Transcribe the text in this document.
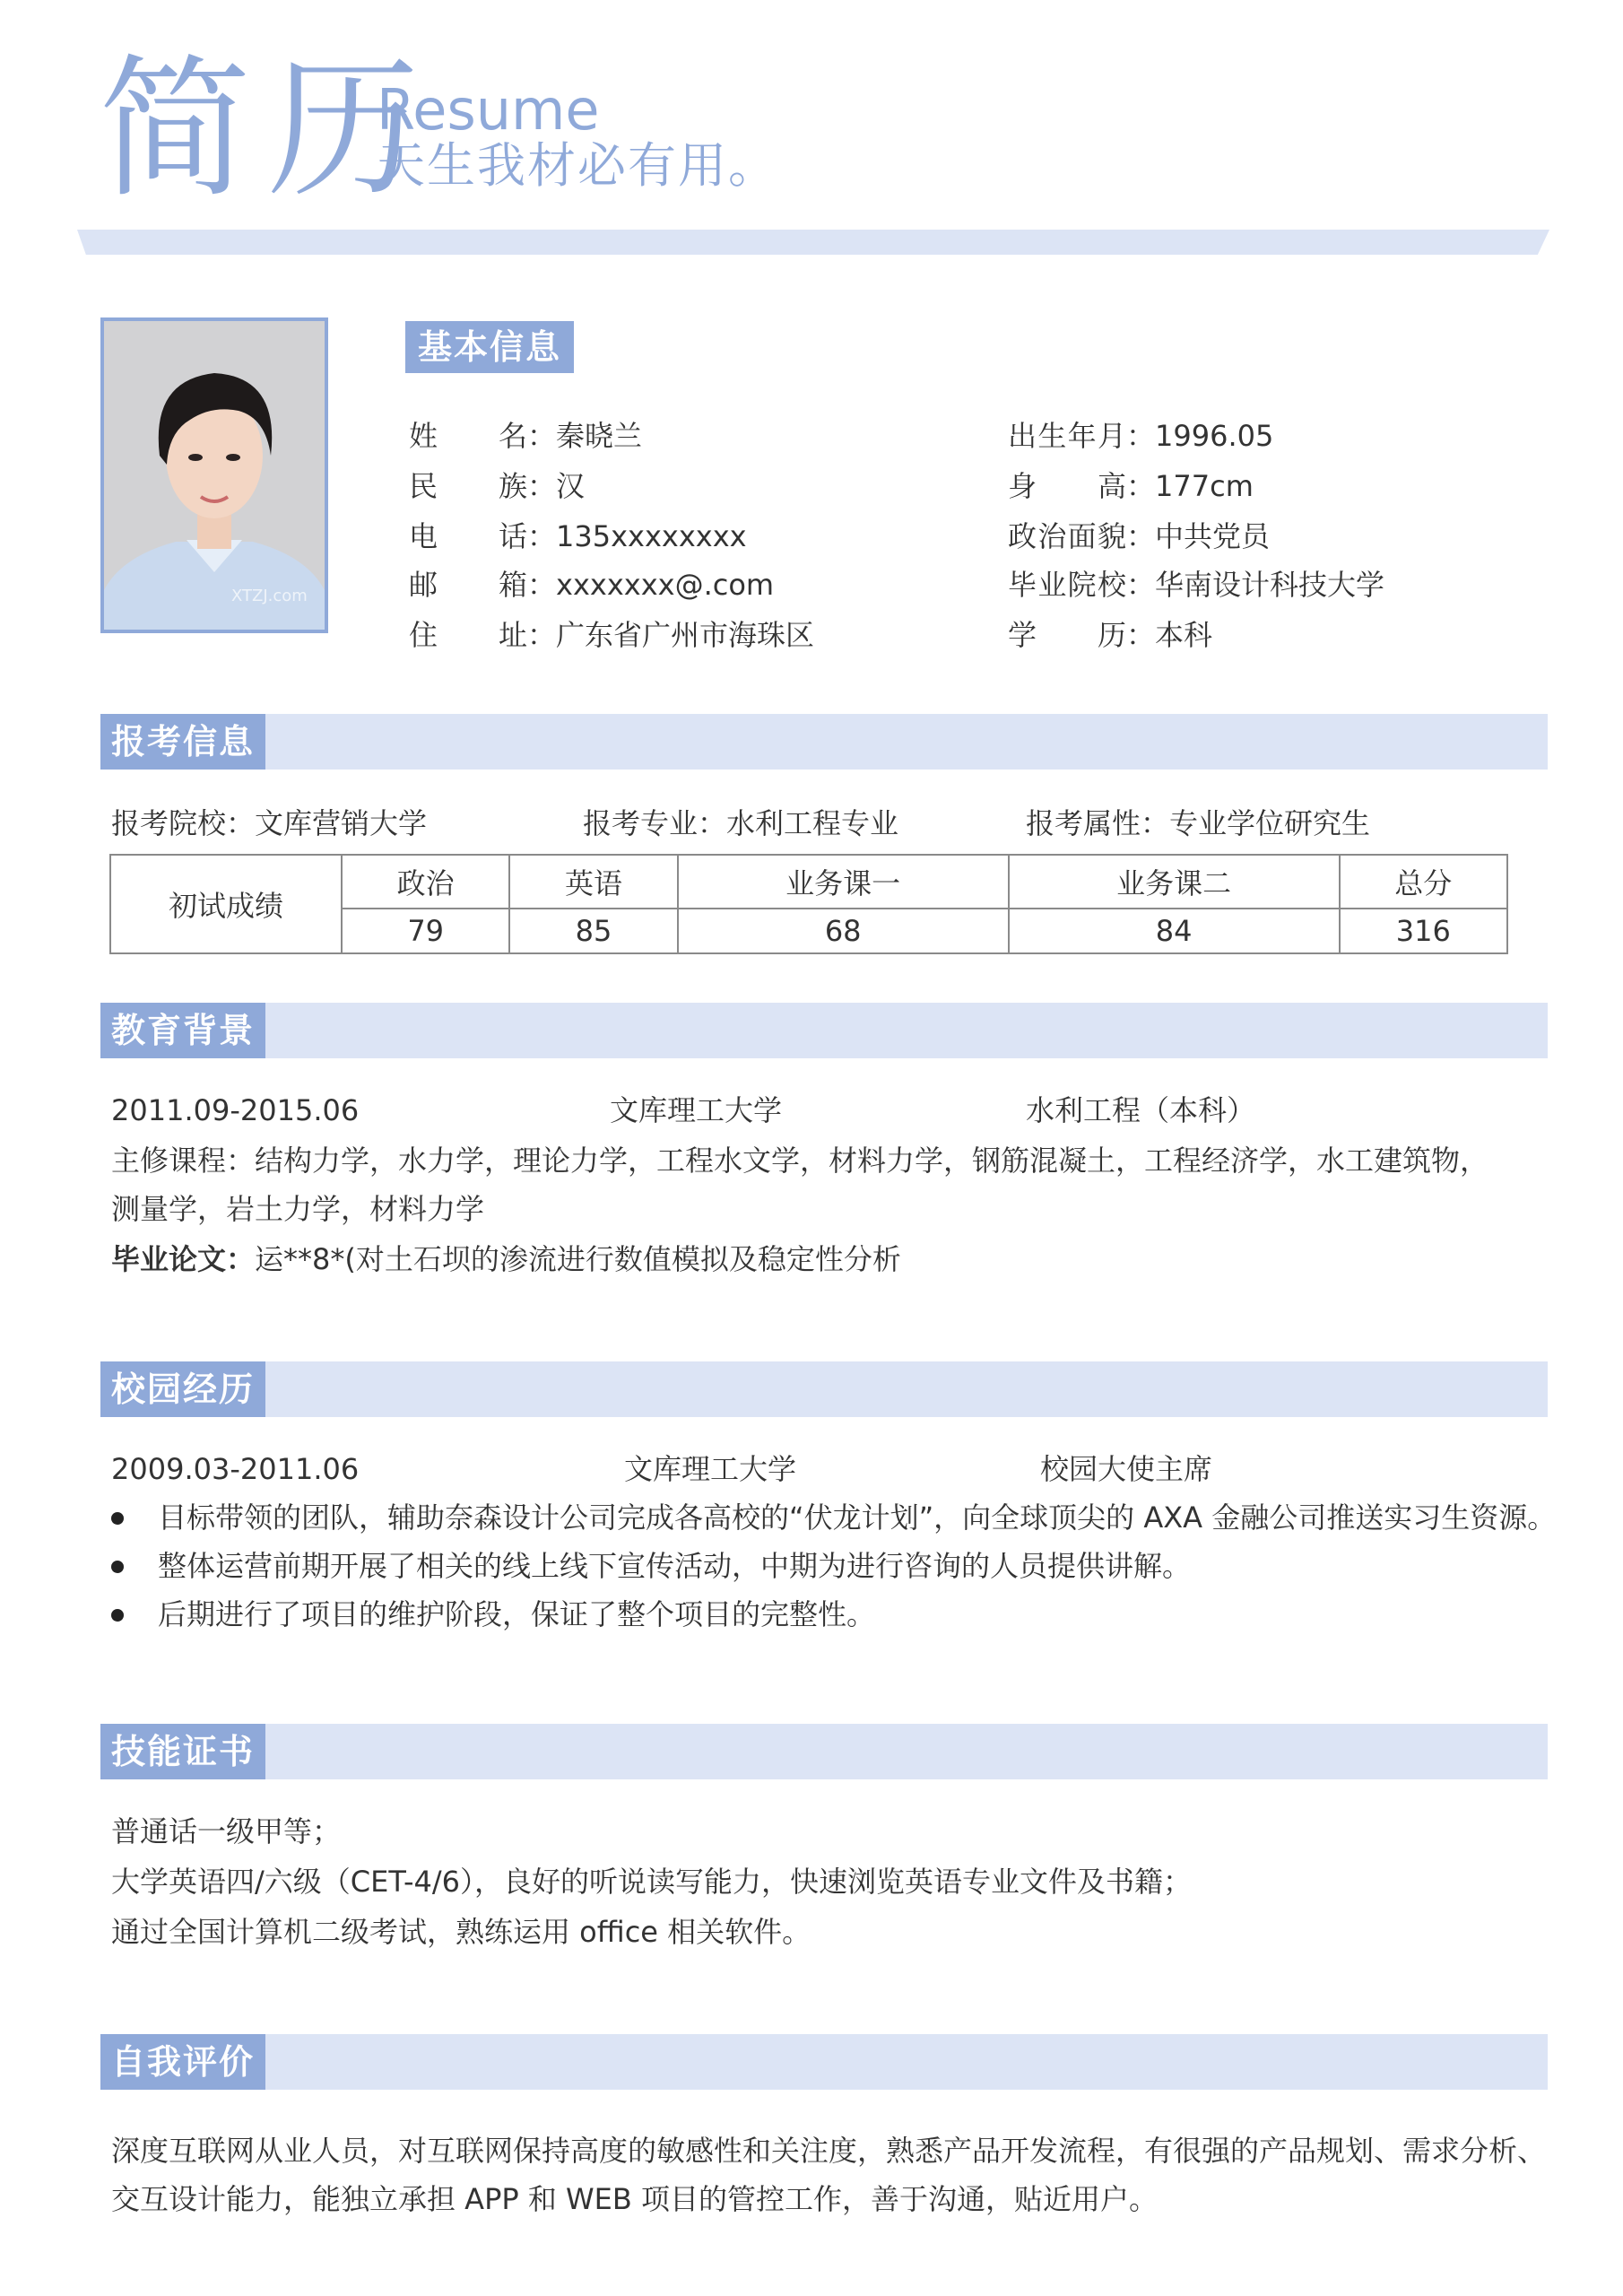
简历
Resume
天生我材必有用。
XTZJ.com
基本信息
报考信息
报考院校：文库营销大学	报考专业：水利工程专业	报考属性：专业学位研究生
初试成绩	政治	英语	业务课一	业务课二	总分
	79	85	68	84	316
教育背景
2011.09-2015.06	文库理工大学	水利工程（本科）
主修课程：结构力学，水力学，理论力学，工程水文学，材料力学，钢筋混凝土，工程经济学，水工建筑物，
测量学，岩土力学，材料力学
毕业论文：运**8*(对土石坝的渗流进行数值模拟及稳定性分析
校园经历
2009.03-2011.06	文库理工大学	校园大使主席
目标带领的团队，辅助奈森设计公司完成各高校的“伏龙计划”，向全球顶尖的 AXA 金融公司推送实习生资源。
整体运营前期开展了相关的线上线下宣传活动，中期为进行咨询的人员提供讲解。
后期进行了项目的维护阶段，保证了整个项目的完整性。
技能证书
普通话一级甲等；
大学英语四/六级（CET-4/6），良好的听说读写能力，快速浏览英语专业文件及书籍；
通过全国计算机二级考试，熟练运用 office 相关软件。
自我评价
深度互联网从业人员，对互联网保持高度的敏感性和关注度，熟悉产品开发流程，有很强的产品规划、需求分析、
交互设计能力，能独立承担 APP 和 WEB 项目的管控工作，善于沟通，贴近用户。
姓 名 ：秦晓兰
民 族 ：汉
电 话 ：135xxxxxxxx
邮 箱 ：xxxxxxx@.com
住 址 ：广东省广州市海珠区
出 生 年 月 ：1996.05
身 高 ：177cm
政 治 面 貌 ：中共党员
毕 业 院 校 ：华南设计科技大学
学 历 ：本科
